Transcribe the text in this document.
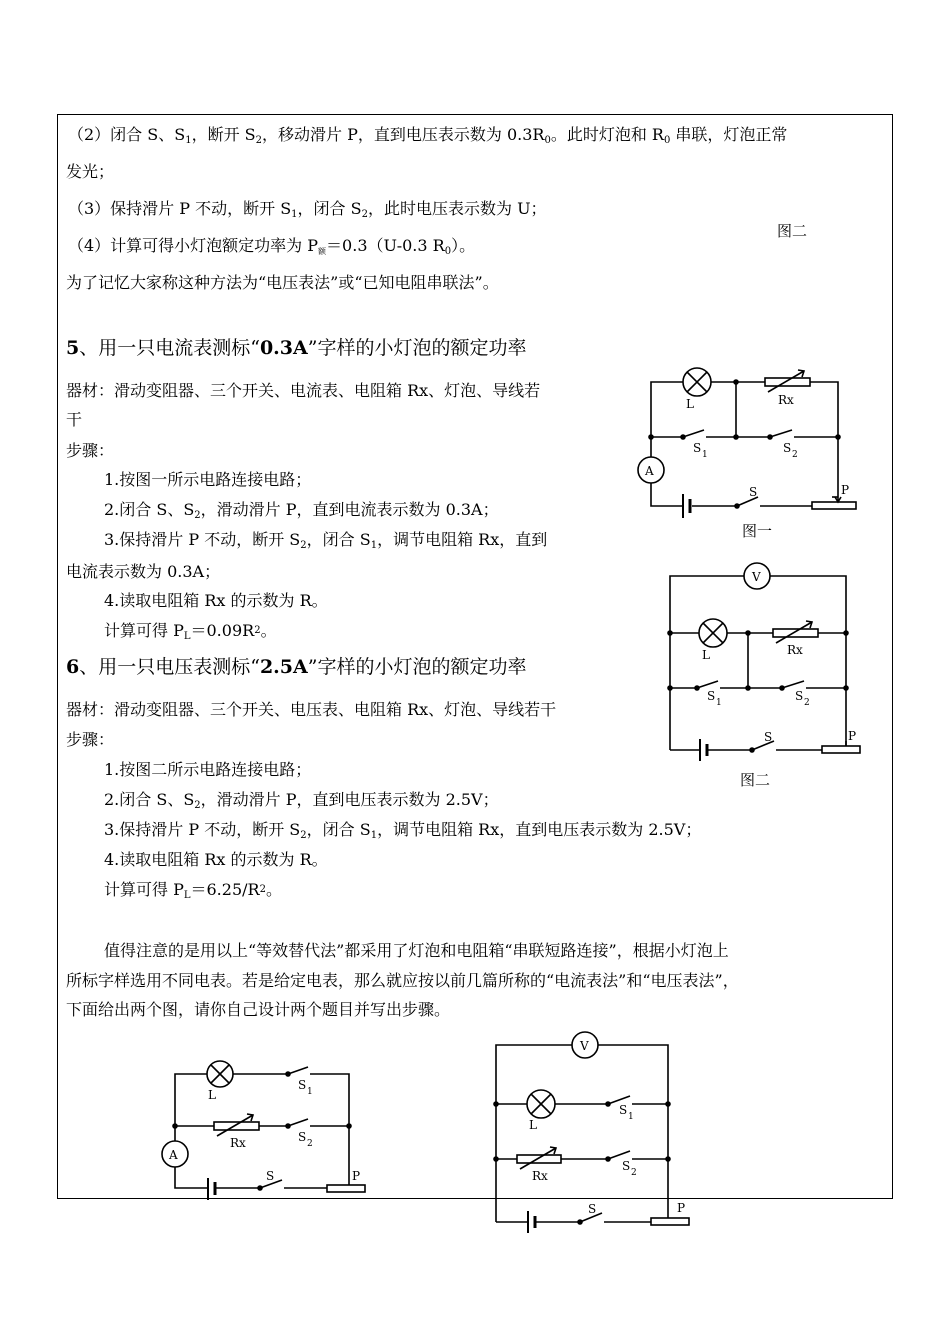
（2）闭合 S、$S_1$，断开 $S_2$，移动滑片 P，直到电压表示数为 $0.3R_0$。此时灯泡和 $R_0$ 串联，灯泡正常
发光；
（3）保持滑片 P 不动，断开 $S_1$，闭合 $S_2$，此时电压表示数为 U；
（4）计算可得小灯泡额定功率为 $P_额=0.3(U-0.3$ $R_0$）。
图二
为了记忆大家称这种方法为“电压表法”或“已知电阻串联法”。
5、用一只电流表测标“0.3A”字样的小灯泡的额定功率
器材：滑动变阻器、三个开关、电流表、电阻箱 Rx、灯泡、导线若
干
步骤：
1.按图一所示电路连接电路；
2.闭合 S、$S_2$，滑动滑片 P，直到电流表示数为 0.3A；
3.保持滑片 P 不动，断开 $S_2$，闭合 $S_1$，调节电阻箱 Rx，直到
电流表示数为 0.3A；
4.读取电阻箱 Rx 的示数为 R。
计算可得 $P_L=0.09R^2$。
6、用一只电压表测标“2.5A”字样的小灯泡的额定功率
器材：滑动变阻器、三个开关、电压表、电阻箱 Rx、灯泡、导线若干
步骤：
1.按图二所示电路连接电路；
2.闭合 S、$S_2$，滑动滑片 P，直到电压表示数为 2.5V；
3.保持滑片 P 不动，断开 $S_2$，闭合 $S_1$，调节电阻箱 Rx，直到电压表示数为 2.5V；
4.读取电阻箱 Rx 的示数为 R。
计算可得 $P_L=6.25/R^2$。
值得注意的是用以上“等效替代法”都采用了灯泡和电阻箱“串联短路连接”，根据小灯泡上
所标字样选用不同电表。若是给定电表，那么就应按以前几篇所称的“电流表法”和“电压表法”，
下面给出两个图，请你自己设计两个题目并写出步骤。
图一
图二
A
L	Rx
S 1	S 2
S	P
V
L	Rx
S 1	S 2
S	P
L
S 1
Rx	S 2
A
S	P
V
L
S 1
Rx
S 2
S	P
